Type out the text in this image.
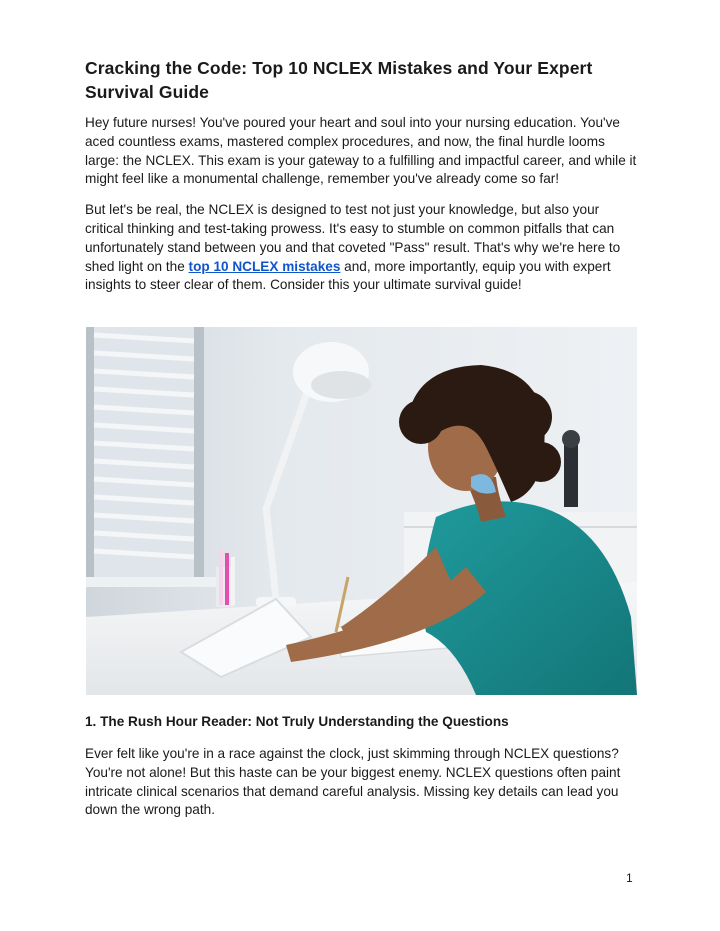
Cracking the Code: Top 10 NCLEX Mistakes and Your Expert Survival Guide

Hey future nurses! You've poured your heart and soul into your nursing education. You've aced countless exams, mastered complex procedures, and now, the final hurdle looms large: the NCLEX. This exam is your gateway to a fulfilling and impactful career, and while it might feel like a monumental challenge, remember you've already come so far!

But let's be real, the NCLEX is designed to test not just your knowledge, but also your critical thinking and test-taking prowess. It's easy to stumble on common pitfalls that can unfortunately stand between you and that coveted "Pass" result. That's why we're here to shed light on the top 10 NCLEX mistakes and, more importantly, equip you with expert insights to steer clear of them. Consider this your ultimate survival guide!

1. The Rush Hour Reader: Not Truly Understanding the Questions

Ever felt like you're in a race against the clock, just skimming through NCLEX questions? You're not alone! But this haste can be your biggest enemy. NCLEX questions often paint intricate clinical scenarios that demand careful analysis. Missing key details can lead you down the wrong path.

1
